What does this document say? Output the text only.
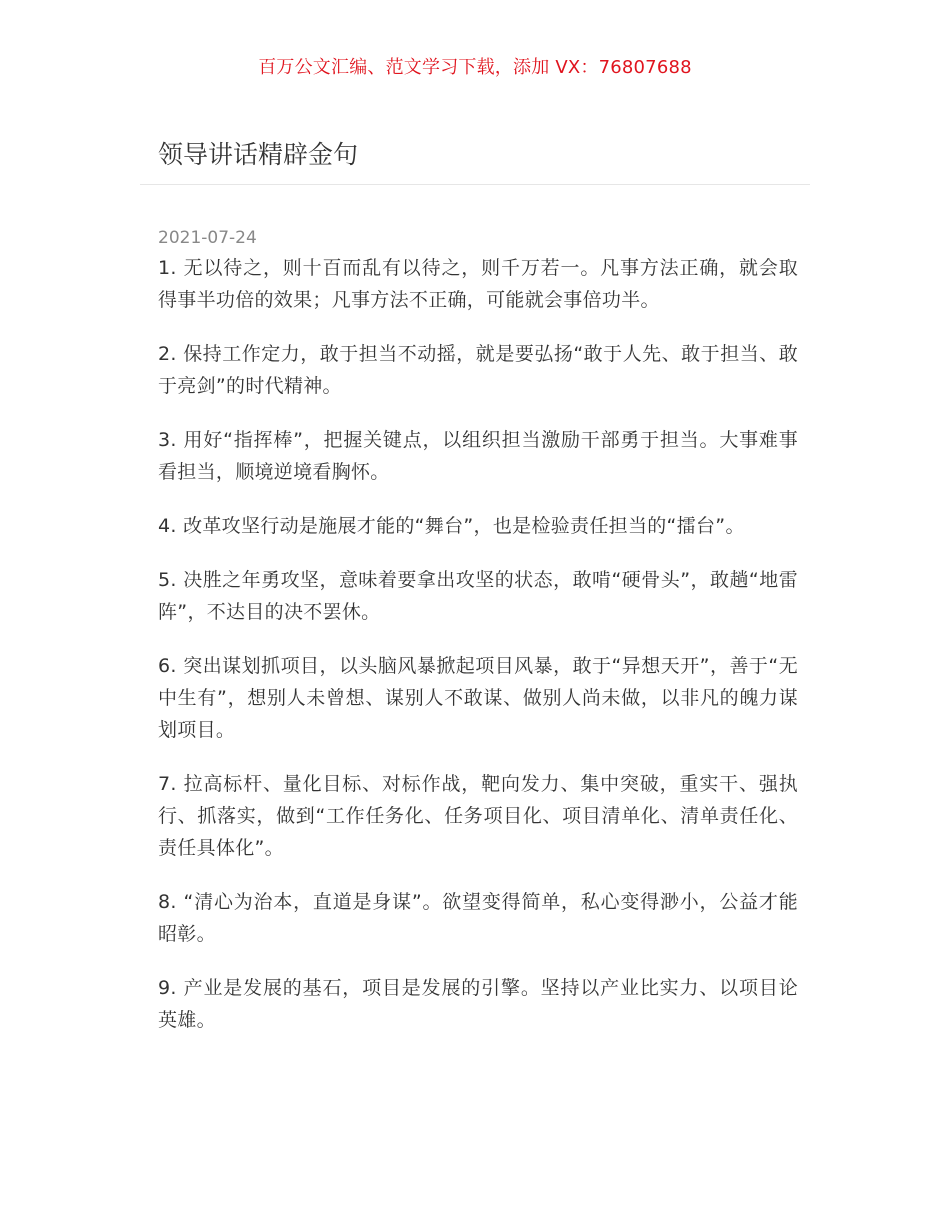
百万公文汇编、范文学习下载，添加 VX：76807688
领导讲话精辟金句
2021-07-24

1. 无以待之，则十百而乱有以待之，则千万若一。凡事方法正确，就会取得事半功倍的效果；凡事方法不正确，可能就会事倍功半。

2. 保持工作定力，敢于担当不动摇，就是要弘扬“敢于人先、敢于担当、敢于亮剑”的时代精神。

3. 用好“指挥棒”，把握关键点，以组织担当激励干部勇于担当。大事难事看担当，顺境逆境看胸怀。

4. 改革攻坚行动是施展才能的“舞台”，也是检验责任担当的“擂台”。

5. 决胜之年勇攻坚，意味着要拿出攻坚的状态，敢啃“硬骨头”，敢趟“地雷阵”，不达目的决不罢休。

6. 突出谋划抓项目，以头脑风暴掀起项目风暴，敢于“异想天开”，善于“无中生有”，想别人未曾想、谋别人不敢谋、做别人尚未做，以非凡的魄力谋划项目。

7. 拉高标杆、量化目标、对标作战，靶向发力、集中突破，重实干、强执行、抓落实，做到“工作任务化、任务项目化、项目清单化、清单责任化、责任具体化”。

8. “清心为治本，直道是身谋”。欲望变得简单，私心变得渺小，公益才能昭彰。

9. 产业是发展的基石，项目是发展的引擎。坚持以产业比实力、以项目论英雄。
